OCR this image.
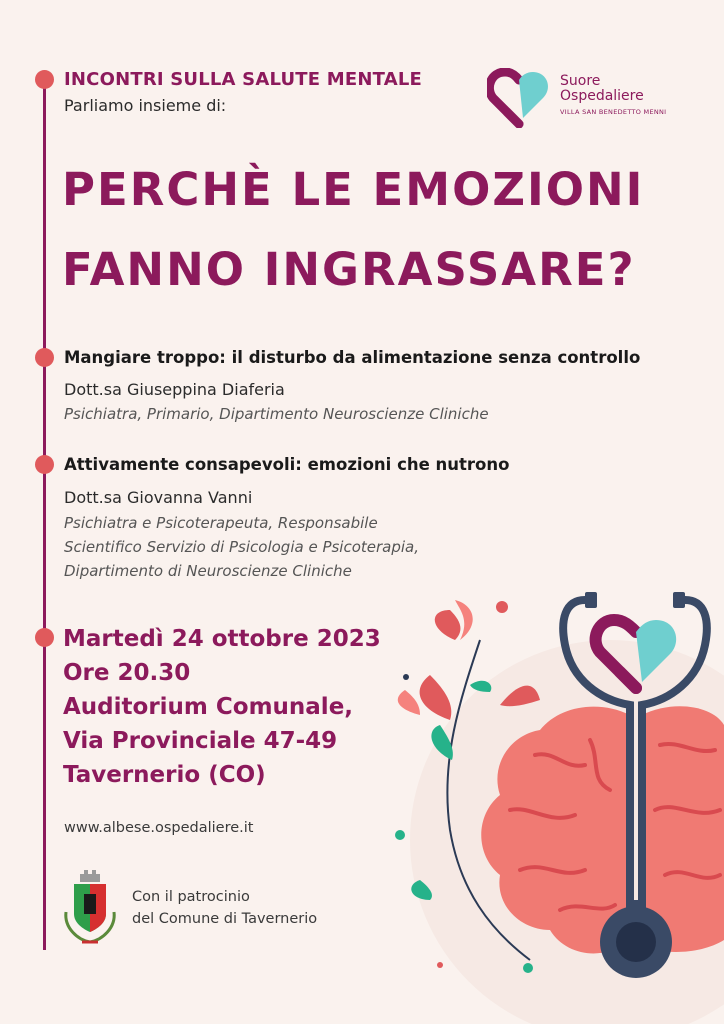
INCONTRI SULLA SALUTE MENTALE
Parliamo insieme di:
Suore
Ospedaliere
VILLA SAN BENEDETTO MENNI
PERCHÈ LE EMOZIONI
FANNO INGRASSARE?
Mangiare troppo: il disturbo da alimentazione senza controllo
Dott.sa Giuseppina Diaferia
Psichiatra, Primario, Dipartimento Neuroscienze Cliniche
Attivamente consapevoli: emozioni che nutrono
Dott.sa Giovanna Vanni
Psichiatra e Psicoterapeuta, Responsabile
Scientifico Servizio di Psicologia e Psicoterapia,
Dipartimento di Neuroscienze Cliniche
Martedì 24 ottobre 2023
Ore 20.30
Auditorium Comunale,
Via Provinciale 47-49
Tavernerio (CO)
www.albese.ospedaliere.it
Con il patrocinio
del Comune di Tavernerio
